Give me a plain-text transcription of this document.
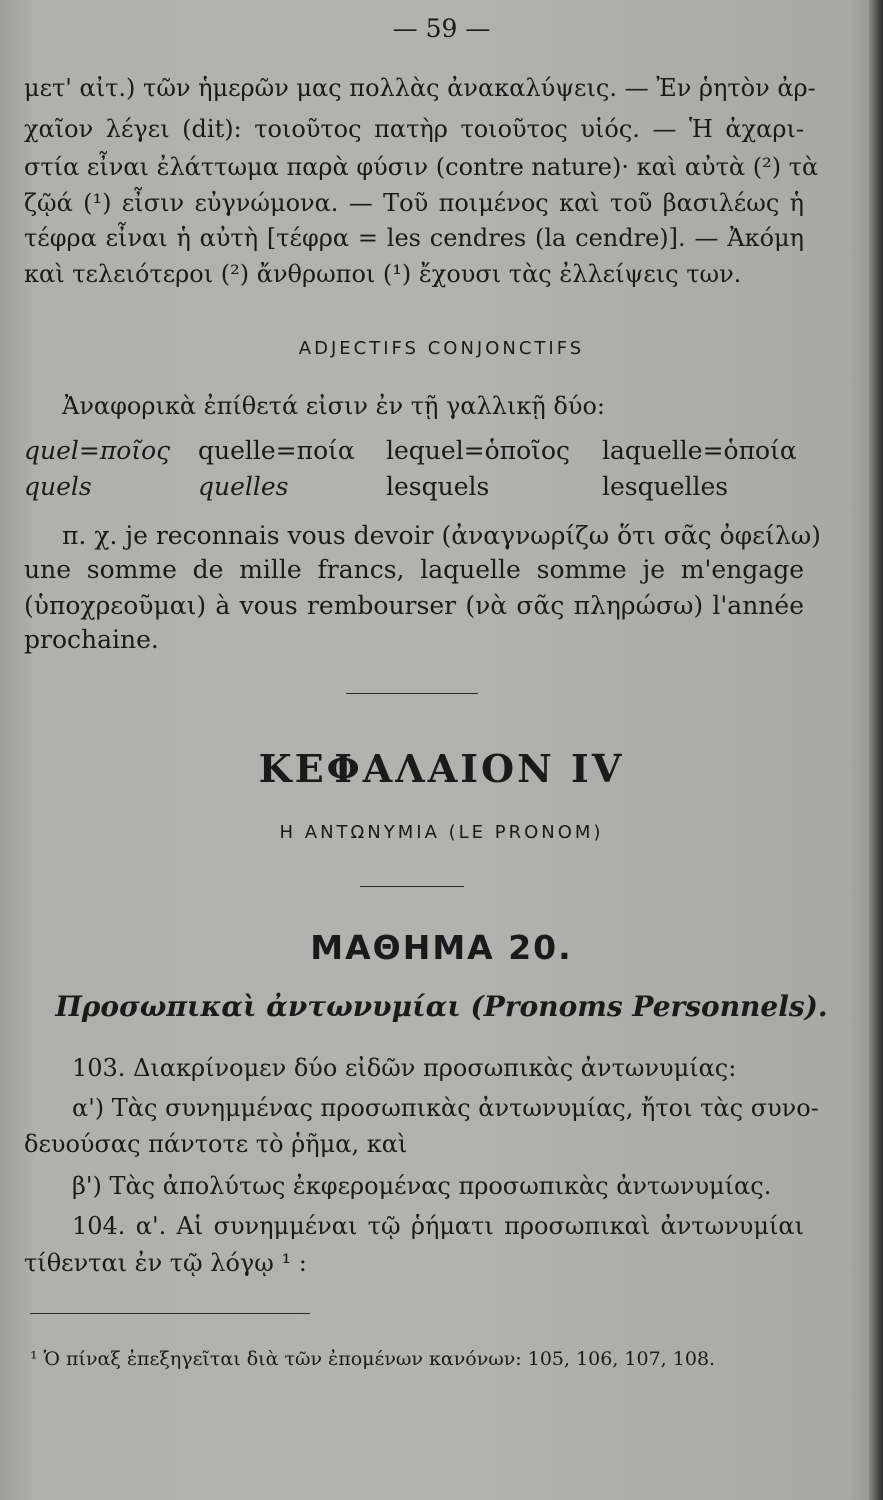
— 59 —
μετ' αἰτ.) τῶν ἡμερῶν μας πολλὰς ἀνακαλύψεις. — Ἐν ῥητὸν ἀρ-
χαῖον λέγει (dit): τοιοῦτος πατὴρ τοιοῦτος υἱός. — Ἡ ἀχαρι-
στία εἶναι ἐλάττωμα παρὰ φύσιν (contre nature)· καὶ αὐτὰ (²) τὰ
ζῷά (¹) εἶσιν εὐγνώμονα. — Τοῦ ποιμένος καὶ τοῦ βασιλέως ἡ
τέφρα εἶναι ἡ αὐτὴ [τέφρα = les cendres (la cendre)]. — Ἀκόμη
καὶ τελειότεροι (²) ἄνθρωποι (¹) ἔχουσι τὰς ἐλλείψεις των.
ADJECTIFS CONJONCTIFS
Ἀναφορικὰ ἐπίθετά εἰσιν ἐν τῇ γαλλικῇ δύο:
quel=ποῖος quelle=ποία lequel=ὁποῖος laquelle=ὁποία
quels	quelles	lesquels	lesquelles
π. χ. je reconnais vous devoir (ἀναγνωρίζω ὅτι σᾶς ὀφείλω)
une somme de mille francs, laquelle somme je m'engage
(ὑποχρεοῦμαι) à vous rembourser (νὰ σᾶς πληρώσω) l'année
prochaine.
ΚΕΦΑΛΑΙΟΝ IV
Η ΑΝΤΩΝΥΜΙΑ (LE PRONOM)
ΜΑΘΗΜΑ 20.
Προσωπικαὶ ἀντωνυμίαι (Pronoms Personnels).
103. Διακρίνομεν δύο εἰδῶν προσωπικὰς ἀντωνυμίας:
α') Τὰς συνημμένας προσωπικὰς ἀντωνυμίας, ἤτοι τὰς συνο-
δευούσας πάντοτε τὸ ῥῆμα, καὶ
β') Τὰς ἀπολύτως ἐκφερομένας προσωπικὰς ἀντωνυμίας.
104. α'. Αἱ συνημμέναι τῷ ῥήματι προσωπικαὶ ἀντωνυμίαι
τίθενται ἐν τῷ λόγῳ ¹ :
¹ Ὁ πίναξ ἐπεξηγεῖται διὰ τῶν ἐπομένων κανόνων: 105, 106, 107, 108.
